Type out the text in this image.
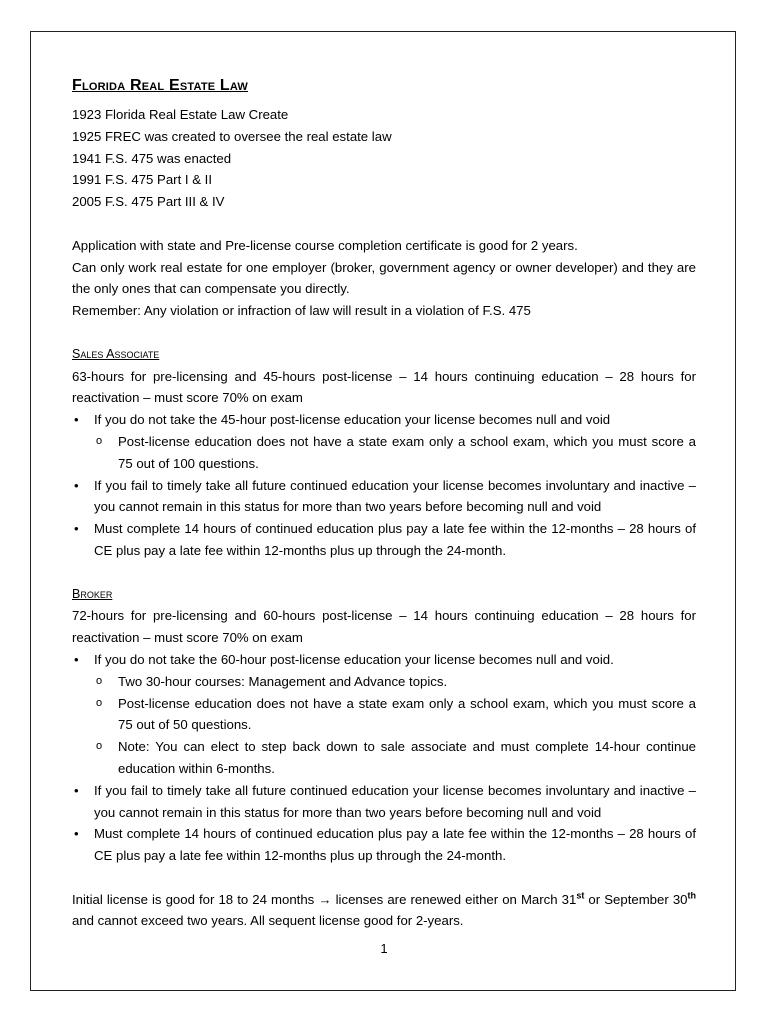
Florida Real Estate Law

1923 Florida Real Estate Law Create

1925 FREC was created to oversee the real estate law

1941 F.S. 475 was enacted

1991 F.S. 475 Part I & II

2005 F.S. 475 Part III & IV

Application with state and Pre-license course completion certificate is good for 2 years.

Can only work real estate for one employer (broker, government agency or owner developer) and they are the only ones that can compensate you directly.

Remember: Any violation or infraction of law will result in a violation of F.S. 475

Sales Associate

63-hours for pre-licensing and 45-hours post-license – 14 hours continuing education – 28 hours for reactivation – must score 70% on exam

• If you do not take the 45-hour post-license education your license becomes null and void
o Post-license education does not have a state exam only a school exam, which you must score a 75 out of 100 questions.
• If you fail to timely take all future continued education your license becomes involuntary and inactive – you cannot remain in this status for more than two years before becoming null and void
• Must complete 14 hours of continued education plus pay a late fee within the 12-months – 28 hours of CE plus pay a late fee within 12-months plus up through the 24-month.

Broker

72-hours for pre-licensing and 60-hours post-license – 14 hours continuing education – 28 hours for reactivation – must score 70% on exam

• If you do not take the 60-hour post-license education your license becomes null and void.
o Two 30-hour courses: Management and Advance topics.
o Post-license education does not have a state exam only a school exam, which you must score a 75 out of 50 questions.
o Note: You can elect to step back down to sale associate and must complete 14-hour continue education within 6-months.
• If you fail to timely take all future continued education your license becomes involuntary and inactive – you cannot remain in this status for more than two years before becoming null and void
• Must complete 14 hours of continued education plus pay a late fee within the 12-months – 28 hours of CE plus pay a late fee within 12-months plus up through the 24-month.

Initial license is good for 18 to 24 months → licenses are renewed either on March 31st or September 30th and cannot exceed two years. All sequent license good for 2-years.

1
